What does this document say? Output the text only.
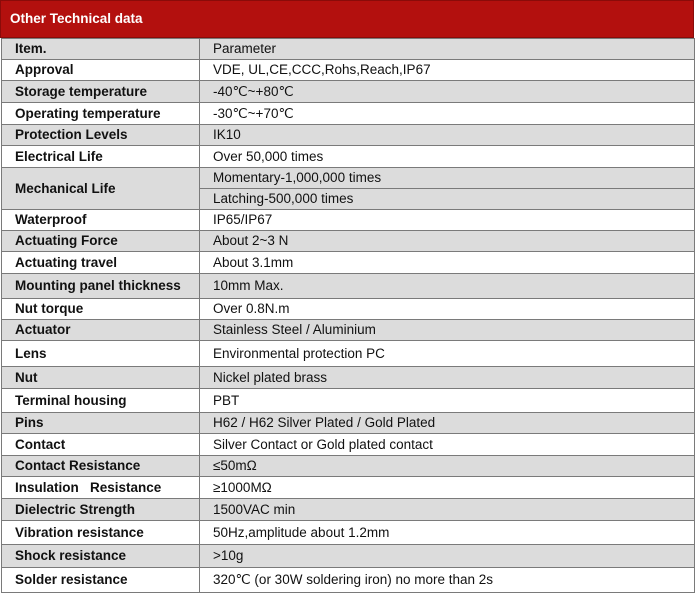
Other Technical data
Item.	Parameter
Approval	VDE, UL,CE,CCC,Rohs,Reach,IP67
Storage temperature	-40℃~+80℃
Operating temperature	-30℃~+70℃
Protection Levels	IK10
Electrical Life	Over 50,000 times
Mechanical Life	Momentary-1,000,000 times
	Latching-500,000 times
Waterproof	IP65/IP67
Actuating Force	About 2~3 N
Actuating travel	About 3.1mm
Mounting panel thickness	10mm Max.
Nut torque	Over 0.8N.m
Actuator	Stainless Steel / Aluminium
Lens	Environmental protection PC
Nut	Nickel plated brass
Terminal housing	PBT
Pins	H62 / H62 Silver Plated / Gold Plated
Contact	Silver Contact or Gold plated contact
Contact Resistance	≤50mΩ
Insulation   Resistance	≥1000MΩ
Dielectric Strength	1500VAC min
Vibration resistance	50Hz,amplitude about 1.2mm
Shock resistance	>10g
Solder resistance	320℃ (or 30W soldering iron) no more than 2s
